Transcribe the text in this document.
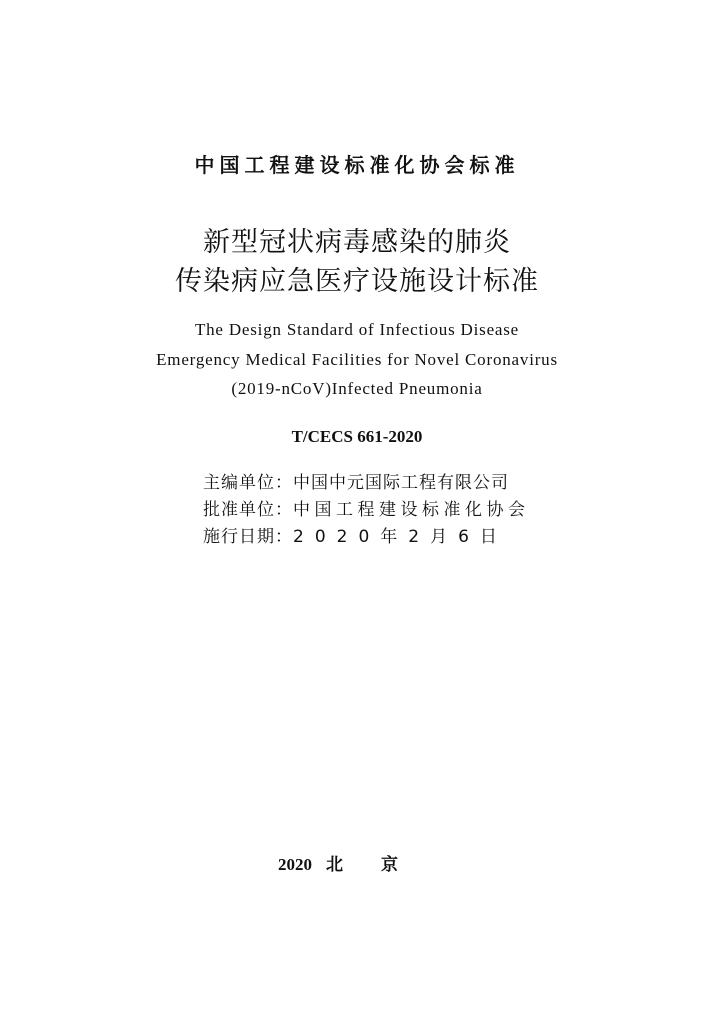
中国工程建设标准化协会标准
新型冠状病毒感染的肺炎
传染病应急医疗设施设计标准
The Design Standard of Infectious Disease
Emergency Medical Facilities for Novel Coronavirus
(2019-nCoV)Infected Pneumonia
T/CECS 661-2020
主编单位：中国中元国际工程有限公司
批准单位：中国工程建设标准化协会
施行日期：2020年2月6日
2020 北京
